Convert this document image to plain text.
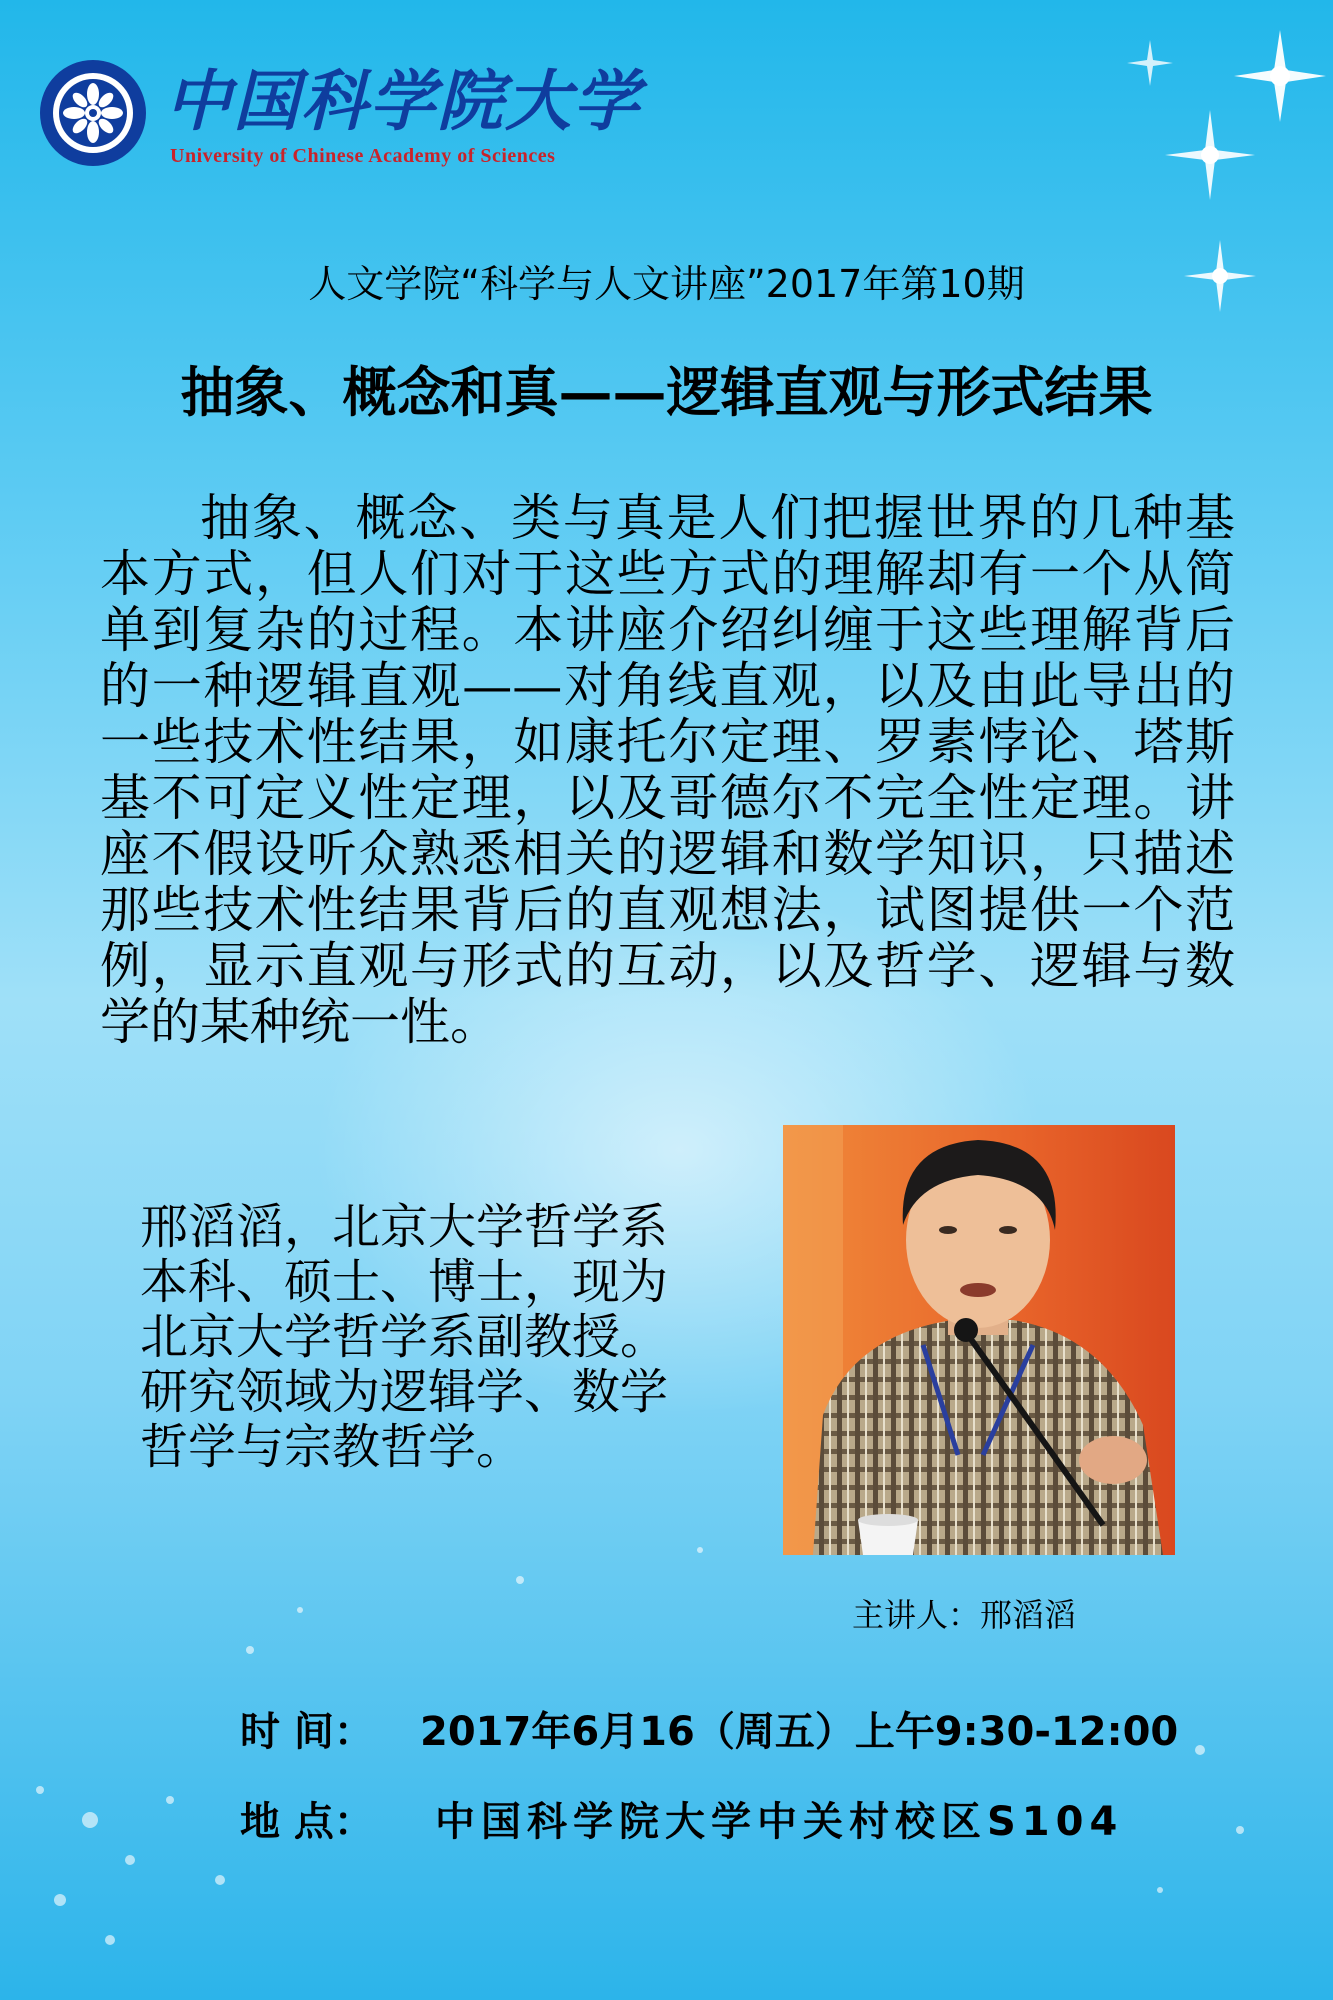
中国科学院大学
University of Chinese Academy of Sciences
人文学院“科学与人文讲座”2017年第10期
抽象、概念和真——逻辑直观与形式结果
抽象、概念、类与真是人们把握世界的几种基本方式，但人们对于这些方式的理解却有一个从简单到复杂的过程。本讲座介绍纠缠于这些理解背后的一种逻辑直观——对角线直观，以及由此导出的一些技术性结果，如康托尔定理、罗素悖论、塔斯基不可定义性定理，以及哥德尔不完全性定理。讲座不假设听众熟悉相关的逻辑和数学知识，只描述那些技术性结果背后的直观想法，试图提供一个范例，显示直观与形式的互动，以及哲学、逻辑与数学的某种统一性。
邢滔滔，北京大学哲学系本科、硕士、博士，现为北京大学哲学系副教授。研究领域为逻辑学、数学哲学与宗教哲学。
主讲人：邢滔滔
时 间： 2017年6月16（周五）上午9:30-12:00
地 点： 中国科学院大学中关村校区S104
